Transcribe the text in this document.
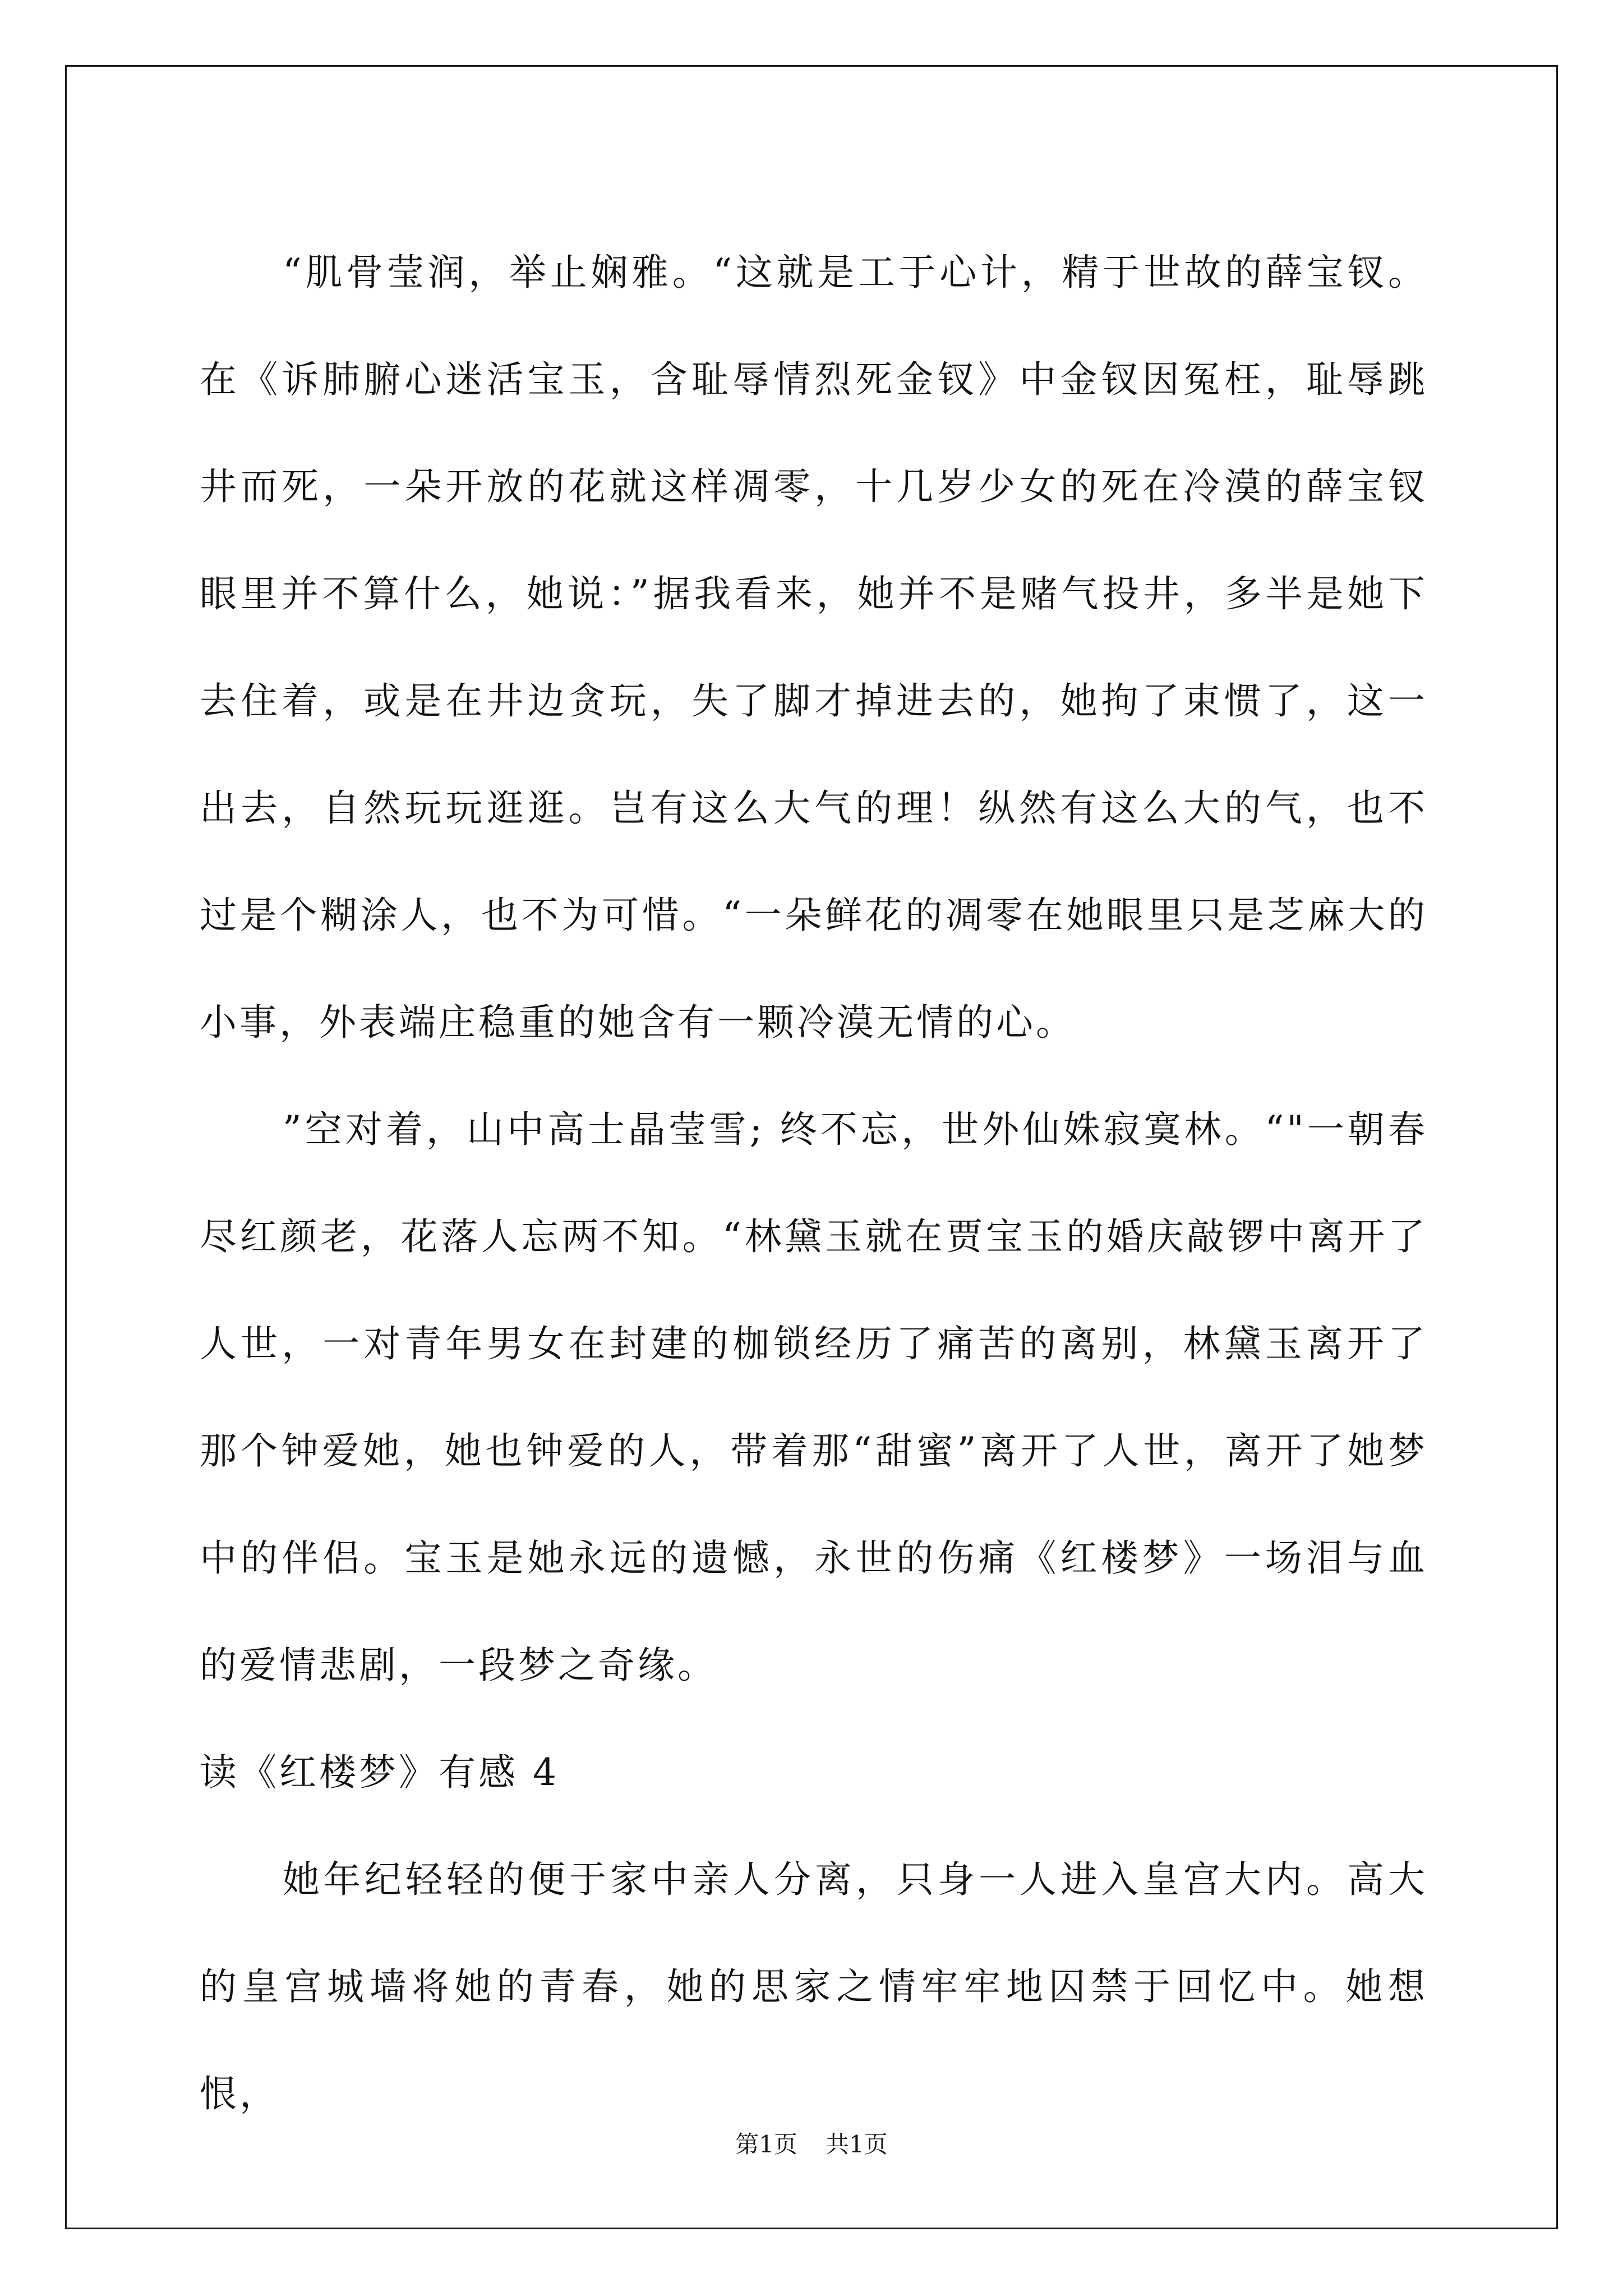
“肌骨莹润，举止娴雅。“这就是工于心计，精于世故的薛宝钗。在《诉肺腑心迷活宝玉，含耻辱情烈死金钗》中金钗因冤枉，耻辱跳井而死，一朵开放的花就这样凋零，十几岁少女的死在冷漠的薛宝钗眼里并不算什么，她说：”据我看来，她并不是赌气投井，多半是她下去住着，或是在井边贪玩，失了脚才掉进去的，她拘了束惯了，这一出去，自然玩玩逛逛。岂有这么大气的理！纵然有这么大的气，也不过是个糊涂人，也不为可惜。“一朵鲜花的凋零在她眼里只是芝麻大的小事，外表端庄稳重的她含有一颗冷漠无情的心。

”空对着，山中高士晶莹雪; 终不忘，世外仙姝寂寞林。“"一朝春尽红颜老，花落人忘两不知。“林黛玉就在贾宝玉的婚庆敲锣中离开了人世，一对青年男女在封建的枷锁经历了痛苦的离别，林黛玉离开了那个钟爱她，她也钟爱的人，带着那“甜蜜”离开了人世，离开了她梦中的伴侣。宝玉是她永远的遗憾，永世的伤痛《红楼梦》一场泪与血的爱情悲剧，一段梦之奇缘。

读《红楼梦》有感 4

她年纪轻轻的便于家中亲人分离，只身一人进入皇宫大内。高大的皇宫城墙将她的青春，她的思家之情牢牢地囚禁于回忆中。她想恨，

第1页 共1页
